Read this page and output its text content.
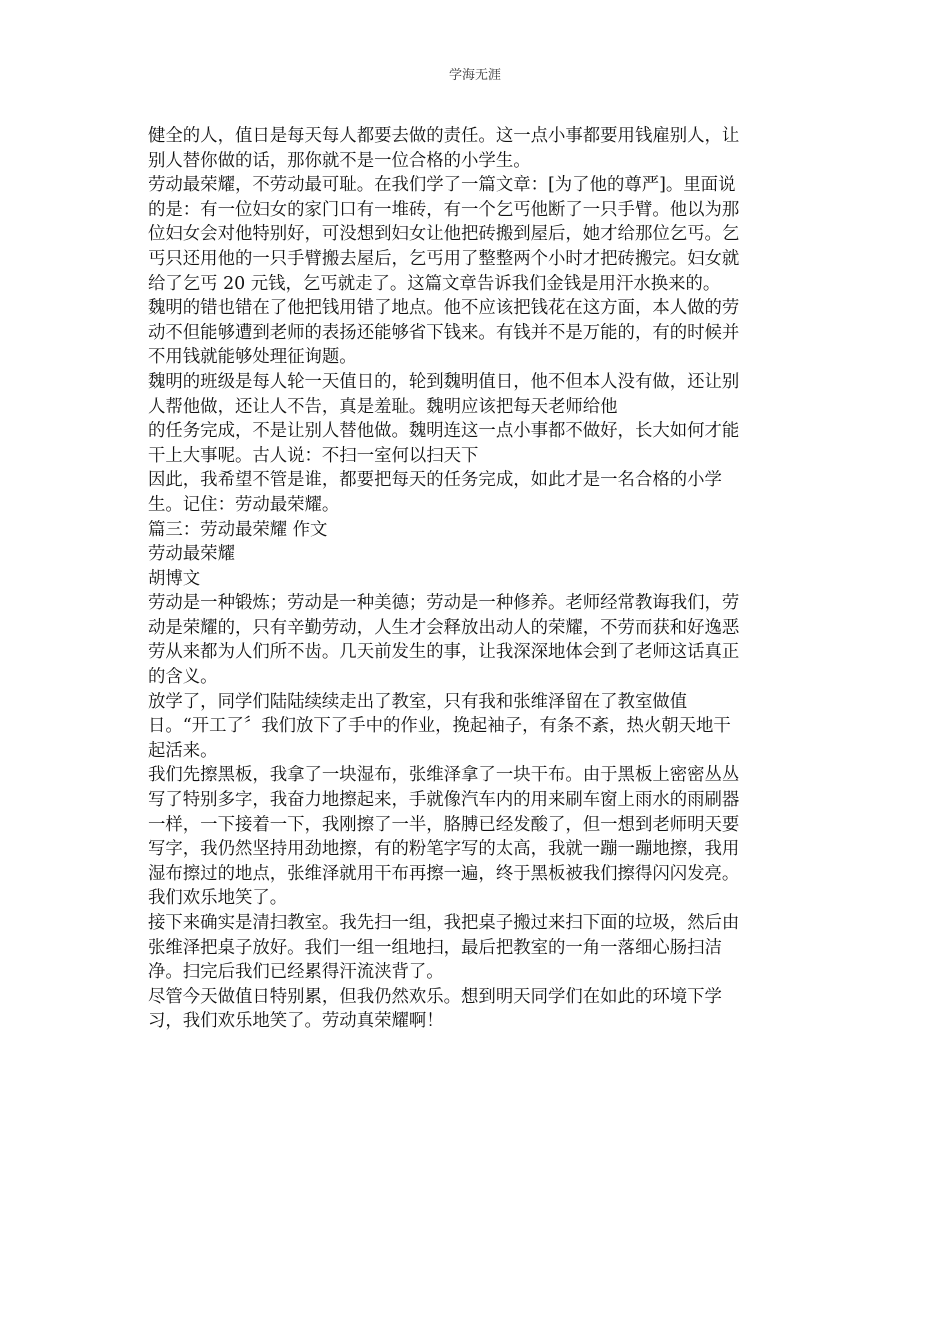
学海无涯
健全的人，值日是每天每人都要去做的责任。这一点小事都要用钱雇别人，让
别人替你做的话，那你就不是一位合格的小学生。
劳动最荣耀，不劳动最可耻。在我们学了一篇文章：[为了他的尊严]。里面说
的是：有一位妇女的家门口有一堆砖，有一个乞丐他断了一只手臂。他以为那
位妇女会对他特别好，可没想到妇女让他把砖搬到屋后，她才给那位乞丐。乞
丐只还用他的一只手臂搬去屋后，乞丐用了整整两个小时才把砖搬完。妇女就
给了乞丐 20 元钱，乞丐就走了。这篇文章告诉我们金钱是用汗水换来的。
魏明的错也错在了他把钱用错了地点。他不应该把钱花在这方面，本人做的劳
动不但能够遭到老师的表扬还能够省下钱来。有钱并不是万能的，有的时候并
不用钱就能够处理征询题。
魏明的班级是每人轮一天值日的，轮到魏明值日，他不但本人没有做，还让别
人帮他做，还让人不告，真是羞耻。魏明应该把每天老师给他
的任务完成，不是让别人替他做。魏明连这一点小事都不做好，长大如何才能
干上大事呢。古人说：不扫一室何以扫天下
因此，我希望不管是谁，都要把每天的任务完成，如此才是一名合格的小学
生。记住：劳动最荣耀。
篇三：劳动最荣耀 作文
劳动最荣耀
胡博文
劳动是一种锻炼；劳动是一种美德；劳动是一种修养。老师经常教诲我们，劳
动是荣耀的，只有辛勤劳动，人生才会释放出动人的荣耀，不劳而获和好逸恶
劳从来都为人们所不齿。几天前发生的事，让我深深地体会到了老师这话真正
的含义。
放学了，同学们陆陆续续走出了教室，只有我和张维泽留在了教室做值
日。“开工了〞我们放下了手中的作业，挽起袖子，有条不紊，热火朝天地干
起活来。
我们先擦黑板，我拿了一块湿布，张维泽拿了一块干布。由于黑板上密密丛丛
写了特别多字，我奋力地擦起来，手就像汽车内的用来刷车窗上雨水的雨刷器
一样，一下接着一下，我刚擦了一半，胳膊已经发酸了，但一想到老师明天要
写字，我仍然坚持用劲地擦，有的粉笔字写的太高，我就一蹦一蹦地擦，我用
湿布擦过的地点，张维泽就用干布再擦一遍，终于黑板被我们擦得闪闪发亮。
我们欢乐地笑了。
接下来确实是清扫教室。我先扫一组，我把桌子搬过来扫下面的垃圾，然后由
张维泽把桌子放好。我们一组一组地扫，最后把教室的一角一落细心肠扫洁
净。扫完后我们已经累得汗流浃背了。
尽管今天做值日特别累，但我仍然欢乐。想到明天同学们在如此的环境下学
习，我们欢乐地笑了。劳动真荣耀啊！
